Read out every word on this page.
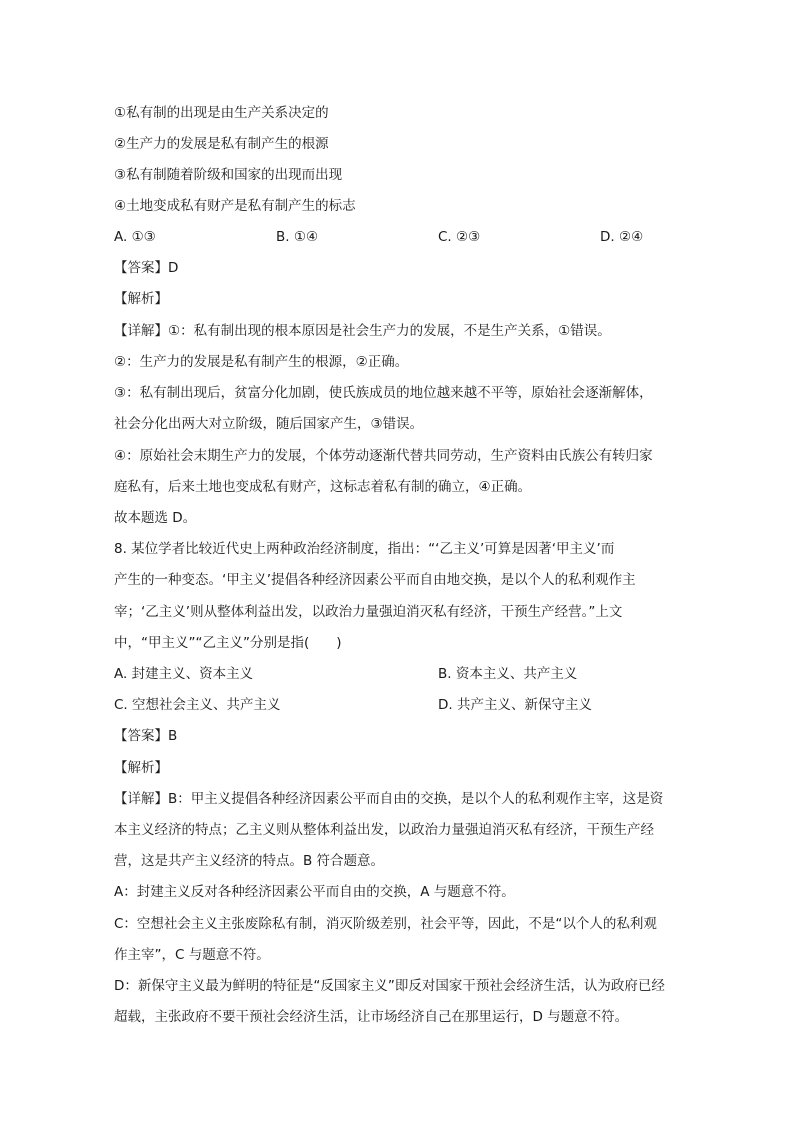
①私有制的出现是由生产关系决定的
②生产力的发展是私有制产生的根源
③私有制随着阶级和国家的出现而出现
④土地变成私有财产是私有制产生的标志
A. ①③	B. ①④	C. ②③	D. ②④
【答案】D
【解析】
【详解】①：私有制出现的根本原因是社会生产力的发展，不是生产关系，①错误。
②：生产力的发展是私有制产生的根源，②正确。
③：私有制出现后，贫富分化加剧，使氏族成员的地位越来越不平等，原始社会逐渐解体，
社会分化出两大对立阶级，随后国家产生，③错误。
④：原始社会末期生产力的发展，个体劳动逐渐代替共同劳动，生产资料由氏族公有转归家
庭私有，后来土地也变成私有财产，这标志着私有制的确立，④正确。
故本题选 D。
8. 某位学者比较近代史上两种政治经济制度，指出：“‘乙主义’可算是因著‘甲主义’而
产生的一种变态。‘甲主义’提倡各种经济因素公平而自由地交换，是以个人的私利观作主
宰；‘乙主义’则从整体利益出发，以政治力量强迫消灭私有经济，干预生产经营。”上文
中，“甲主义”“乙主义”分别是指(　　)
A. 封建主义、资本主义	B. 资本主义、共产主义
C. 空想社会主义、共产主义	D. 共产主义、新保守主义
【答案】B
【解析】
【详解】B：甲主义提倡各种经济因素公平而自由的交换，是以个人的私利观作主宰，这是资
本主义经济的特点；乙主义则从整体利益出发，以政治力量强迫消灭私有经济，干预生产经
营，这是共产主义经济的特点。B 符合题意。
A：封建主义反对各种经济因素公平而自由的交换，A 与题意不符。
C：空想社会主义主张废除私有制，消灭阶级差别，社会平等，因此，不是“以个人的私利观
作主宰”，C 与题意不符。
D：新保守主义最为鲜明的特征是“反国家主义”即反对国家干预社会经济生活，认为政府已经
超载，主张政府不要干预社会经济生活，让市场经济自己在那里运行，D 与题意不符。
